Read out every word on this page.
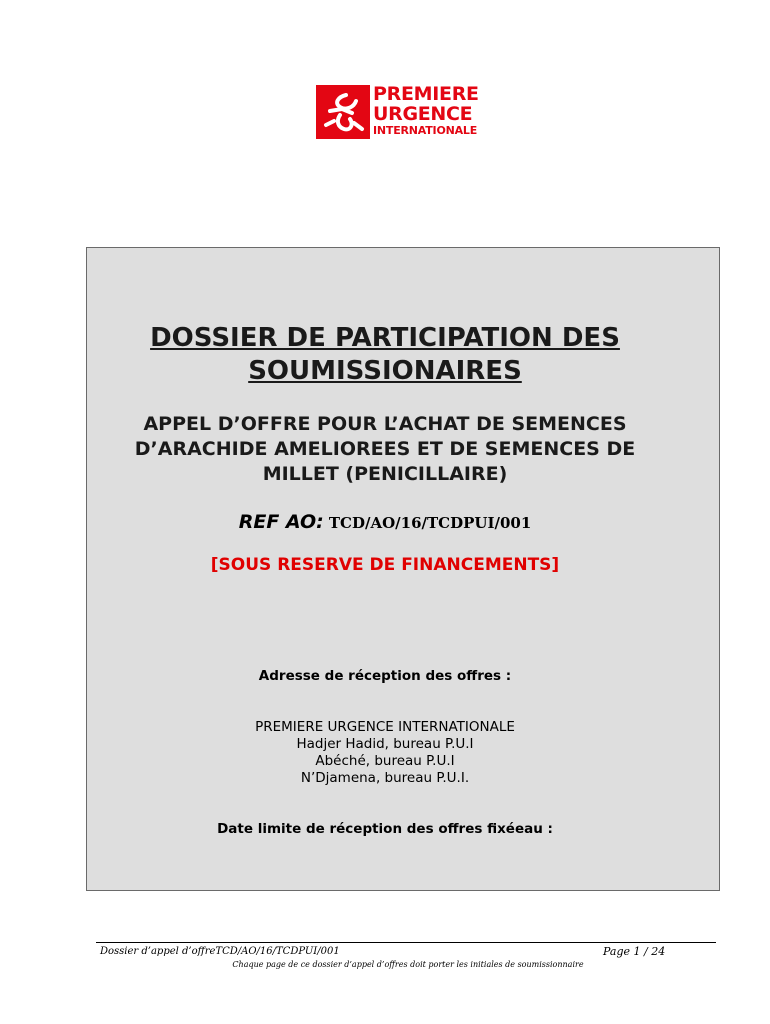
PREMIERE
URGENCE
INTERNATIONALE
DOSSIER DE PARTICIPATION DES
SOUMISSIONAIRES
APPEL D’OFFRE POUR L’ACHAT DE SEMENCES
D’ARACHIDE AMELIOREES ET DE SEMENCES DE
MILLET (PENICILLAIRE)
REF AO: TCD/AO/16/TCDPUI/001
[SOUS RESERVE DE FINANCEMENTS]
Adresse de réception des offres :
PREMIERE URGENCE INTERNATIONALE
Hadjer Hadid, bureau P.U.I
Abéché, bureau P.U.I
N’Djamena, bureau P.U.I.
Date limite de réception des offres fixéeau :
Dossier d’appel d’offreTCD/AO/16/TCDPUI/001	Page 1 / 24
Chaque page de ce dossier d’appel d’offres doit porter les initiales de soumissionnaire
